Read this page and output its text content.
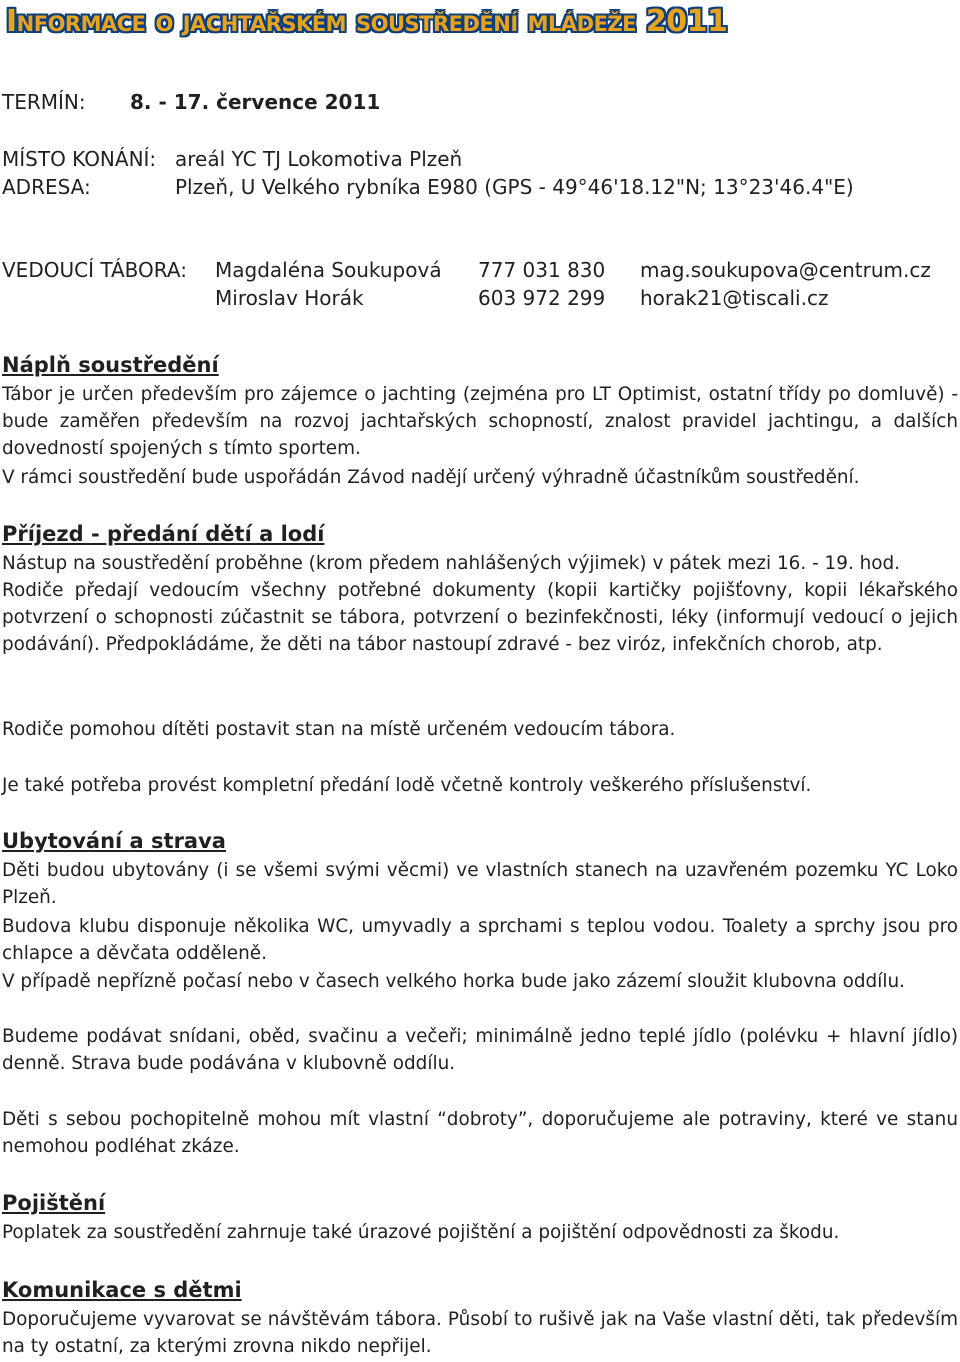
Informace o jachtařském soustředění mládeže 2011
TERMÍN: 8. - 17. července 2011
MÍSTO KONÁNÍ: areál YC TJ Lokomotiva Plzeň
ADRESA:	Plzeň, U Velkého rybníka E980 (GPS - 49°46'18.12"N; 13°23'46.4"E)
VEDOUCÍ TÁBORA: Magdaléna Soukupová 777 031 830 mag.soukupova@centrum.cz
Miroslav Horák	603 972 299 horak21@tiscali.cz
Náplň soustředění
Tábor je určen především pro zájemce o jachting (zejména pro LT Optimist, ostatní třídy po domluvě) - bude zaměřen především na rozvoj jachtařských schopností, znalost pravidel jachtingu, a dalších dovedností spojených s tímto sportem.
V rámci soustředění bude uspořádán Závod nadějí určený výhradně účastníkům soustředění.
Příjezd - předání dětí a lodí
Nástup na soustředění proběhne (krom předem nahlášených výjimek) v pátek mezi 16. - 19. hod.
Rodiče předají vedoucím všechny potřebné dokumenty (kopii kartičky pojišťovny, kopii lékařského potvrzení o schopnosti zúčastnit se tábora, potvrzení o bezinfekčnosti, léky (informují vedoucí o jejich podávání). Předpokládáme, že děti na tábor nastoupí zdravé - bez viróz, infekčních chorob, atp.
Rodiče pomohou dítěti postavit stan na místě určeném vedoucím tábora.
Je také potřeba provést kompletní předání lodě včetně kontroly veškerého příslušenství.
Ubytování a strava
Děti budou ubytovány (i se všemi svými věcmi) ve vlastních stanech na uzavřeném pozemku YC Loko Plzeň.
Budova klubu disponuje několika WC, umyvadly a sprchami s teplou vodou. Toalety a sprchy jsou pro chlapce a děvčata odděleně.
V případě nepřízně počasí nebo v časech velkého horka bude jako zázemí sloužit klubovna oddílu.
Budeme podávat snídani, oběd, svačinu a večeři; minimálně jedno teplé jídlo (polévku + hlavní jídlo) denně. Strava bude podávána v klubovně oddílu.
Děti s sebou pochopitelně mohou mít vlastní “dobroty”, doporučujeme ale potraviny, které ve stanu nemohou podléhat zkáze.
Pojištění
Poplatek za soustředění zahrnuje také úrazové pojištění a pojištění odpovědnosti za škodu.
Komunikace s dětmi
Doporučujeme vyvarovat se návštěvám tábora. Působí to rušivě jak na Vaše vlastní děti, tak především na ty ostatní, za kterými zrovna nikdo nepřijel.
